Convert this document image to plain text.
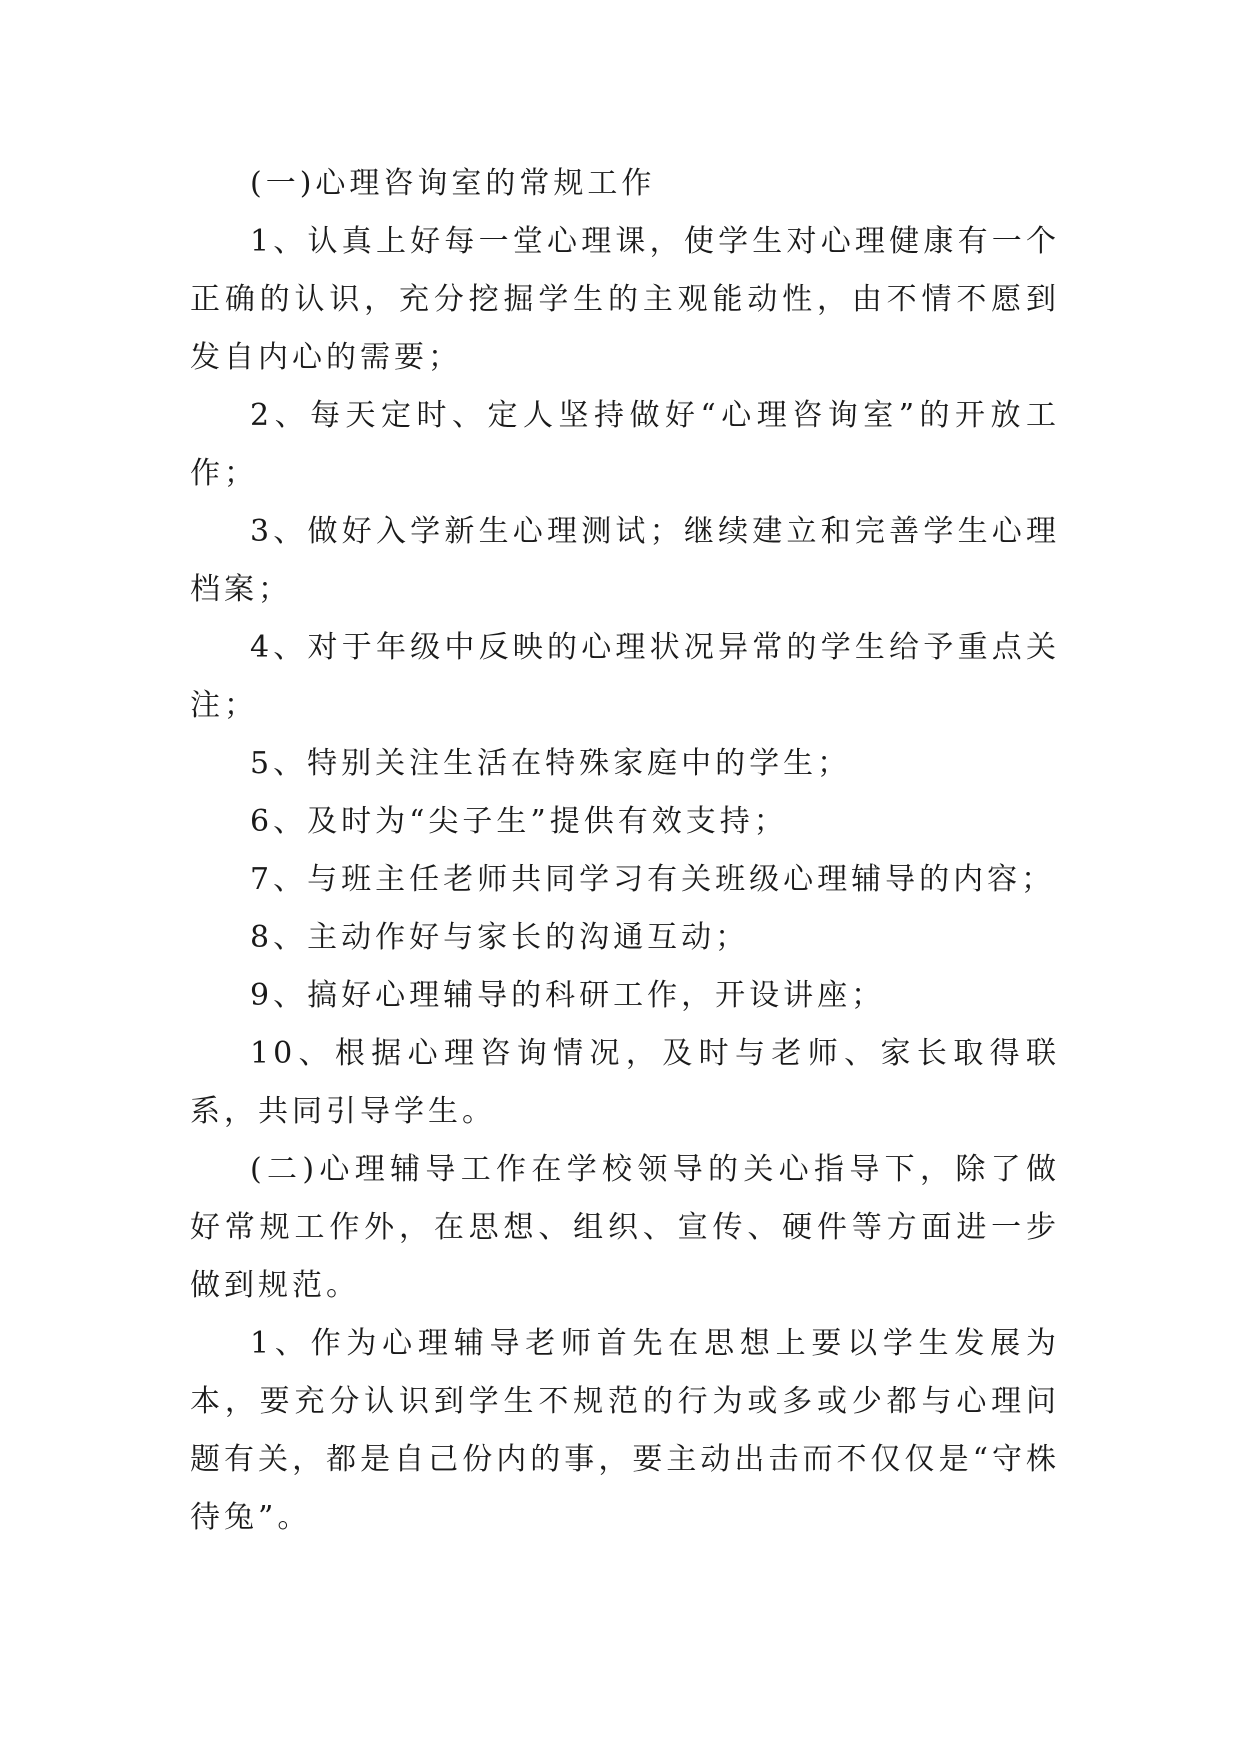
(一)心理咨询室的常规工作

1、认真上好每一堂心理课，使学生对心理健康有一个正确的认识，充分挖掘学生的主观能动性，由不情不愿到发自内心的需要；

2、每天定时、定人坚持做好“心理咨询室”的开放工作；

3、做好入学新生心理测试；继续建立和完善学生心理档案；

4、对于年级中反映的心理状况异常的学生给予重点关注；

5、特别关注生活在特殊家庭中的学生；

6、及时为“尖子生”提供有效支持；

7、与班主任老师共同学习有关班级心理辅导的内容；

8、主动作好与家长的沟通互动；

9、搞好心理辅导的科研工作，开设讲座；

10、根据心理咨询情况，及时与老师、家长取得联系，共同引导学生。

(二)心理辅导工作在学校领导的关心指导下，除了做好常规工作外，在思想、组织、宣传、硬件等方面进一步做到规范。

1、作为心理辅导老师首先在思想上要以学生发展为本，要充分认识到学生不规范的行为或多或少都与心理问题有关，都是自己份内的事，要主动出击而不仅仅是“守株待兔”。
